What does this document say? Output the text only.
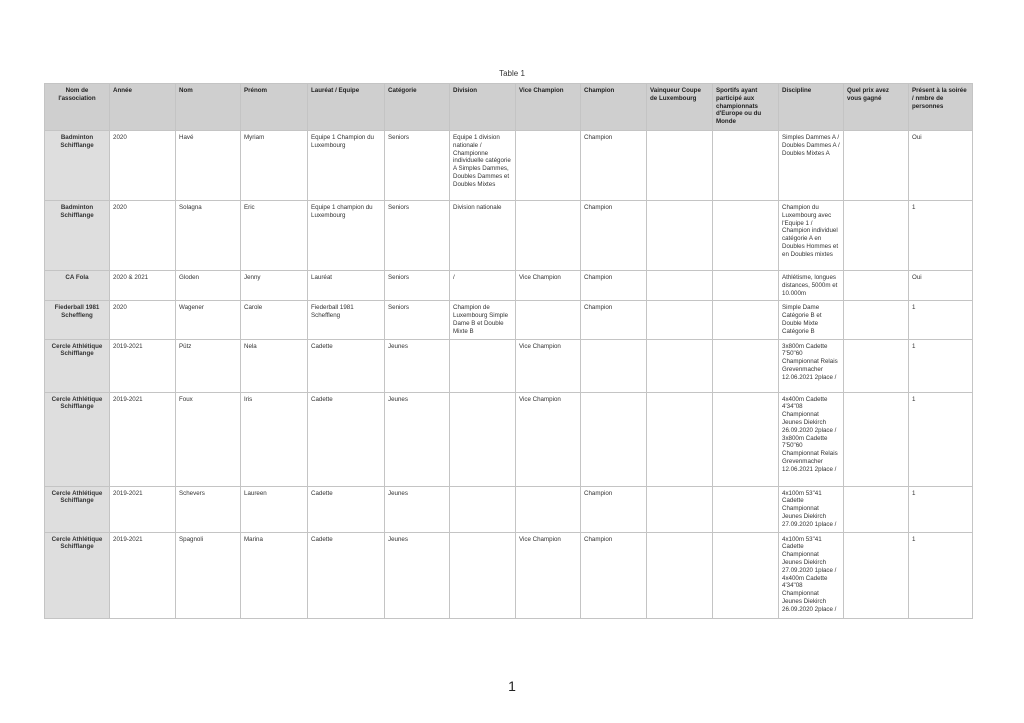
Table 1
Nom de l'association	Année	Nom	Prénom	Lauréat / Equipe	Catégorie	Division	Vice Champion	Champion	Vainqueur Coupe de Luxembourg	Sportifs ayant participé aux championnats d'Europe ou du Monde	Discipline	Quel prix avez vous gagné	Présent à la soirée / nmbre de personnes
Badminton Schifflange	2020	Havé	Myriam	Equipe 1 Champion du Luxembourg	Seniors	Equipe 1 division nationale / Championne individuelle catégorie A Simples Dammes, Doubles Dammes et Doubles Mixtes		Champion			Simples Dammes A / Doubles Dammes A / Doubles Mixtes A		Oui
Badminton Schifflange	2020	Solagna	Eric	Equipe 1 champion du Luxembourg	Seniors	Division nationale		Champion			Champion du Luxembourg avec l'Equipe 1 / Champion individuel catégorie A en Doubles Hommes et en Doubles mixtes		1
CA Fola	2020 & 2021	Gloden	Jenny	Lauréat	Seniors	/	Vice Champion	Champion			Athlétisme, longues distances, 5000m et 10.000m		Oui
Fiederball 1981 Scheffleng	2020	Wagener	Carole	Fiederball 1981 Scheffleng	Seniors	Champion de Luxembourg Simple Dame B et Double Mixte B		Champion			Simple Dame Catégorie B et Double Mixte Catégorie B		1
Cercle Athlétique Schifflange	2019-2021	Pütz	Nela	Cadette	Jeunes		Vice Champion				3x800m Cadette 7'50"60 Championnat Relais Grevenmacher 12.06.2021 2place /		1
Cercle Athlétique Schifflange	2019-2021	Foux	Iris	Cadette	Jeunes		Vice Champion				4x400m Cadette 4'34"08 Championnat Jeunes Diekirch 26.09.2020 2place / 3x800m Cadette 7'50"60 Championnat Relais Grevenmacher 12.06.2021 2place /		1
Cercle Athlétique Schifflange	2019-2021	Schevers	Laureen	Cadette	Jeunes			Champion			4x100m 53"41 Cadette Championnat Jeunes Diekirch 27.09.2020 1place /		1
Cercle Athlétique Schifflange	2019-2021	Spagnoli	Marina	Cadette	Jeunes		Vice Champion	Champion			4x100m 53"41 Cadette Championnat Jeunes Diekirch 27.09.2020 1place / 4x400m Cadette 4'34"08 Championnat Jeunes Diekirch 26.09.2020 2place /		1
1
